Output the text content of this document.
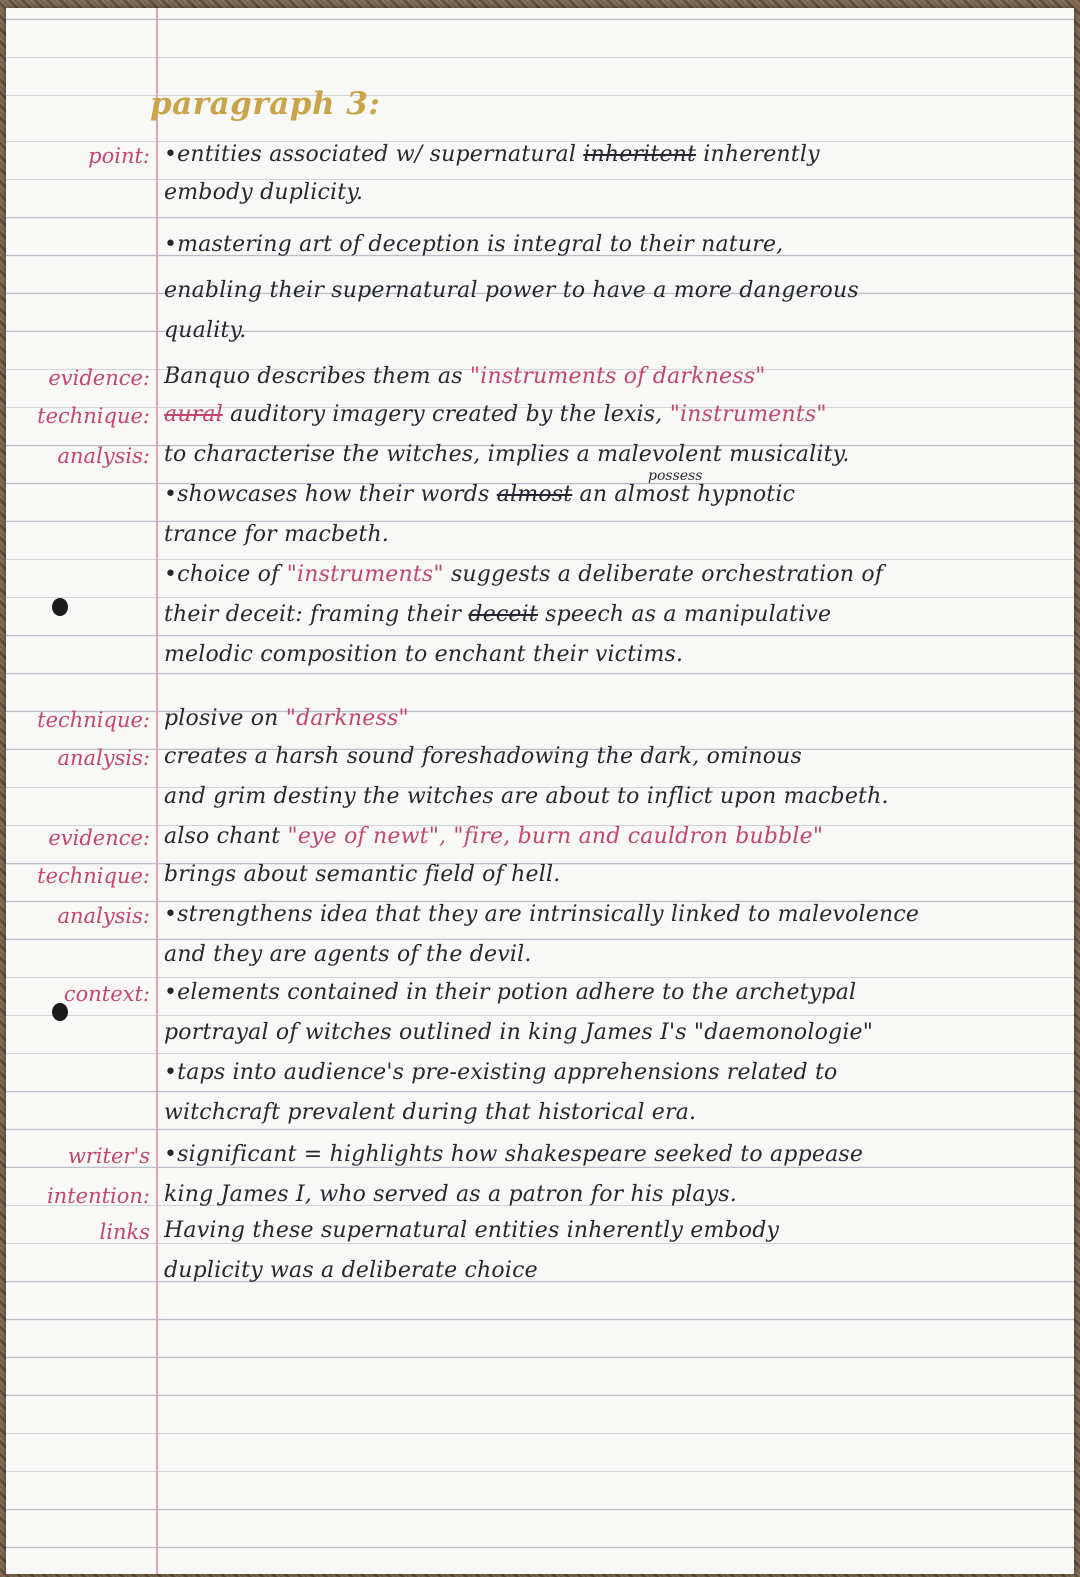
paragraph 3:
point:
evidence:
technique:
analysis:
technique:
analysis:
evidence:
technique:
analysis:
context:
writer's
intention:
links
•entities associated w/ supernatural inheritent inherently
embody duplicity.
•mastering art of deception is integral to their nature,
enabling their supernatural power to have a more dangerous
quality.
Banquo describes them as "instruments of darkness"
aural auditory imagery created by the lexis, "instruments"
to characterise the witches, implies a malevolent musicality.
possess
•showcases how their words almost an almost hypnotic
trance for macbeth.
•choice of "instruments" suggests a deliberate orchestration of
their deceit: framing their deceit speech as a manipulative
melodic composition to enchant their victims.
plosive on "darkness"
creates a harsh sound foreshadowing the dark, ominous
and grim destiny the witches are about to inflict upon macbeth.
also chant "eye of newt", "fire, burn and cauldron bubble"
brings about semantic field of hell.
•strengthens idea that they are intrinsically linked to malevolence
and they are agents of the devil.
•elements contained in their potion adhere to the archetypal
portrayal of witches outlined in king James I's "daemonologie"
•taps into audience's pre-existing apprehensions related to
witchcraft prevalent during that historical era.
•significant = highlights how shakespeare seeked to appease
king James I, who served as a patron for his plays.
Having these supernatural entities inherently embody
duplicity was a deliberate choice
